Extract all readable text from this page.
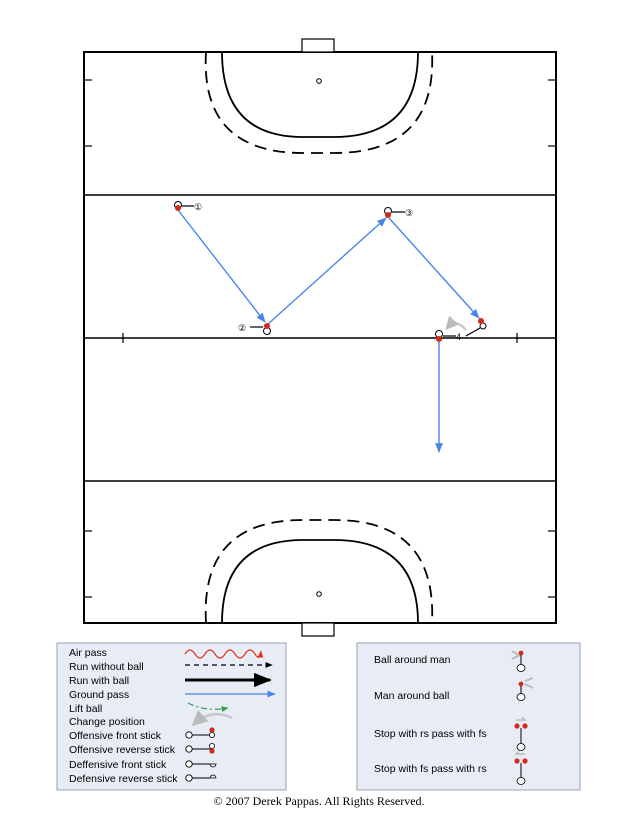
①
②
③
4
Air pass
Run without ball
Run with ball
Ground pass
Lift ball
Change position
Offensive front stick
Offensive reverse stick
Deffensive front stick
Defensive reverse stick
Ball around man
Man around ball
Stop with rs pass with fs
Stop with fs pass with rs
© 2007 Derek Pappas. All Rights Reserved.
